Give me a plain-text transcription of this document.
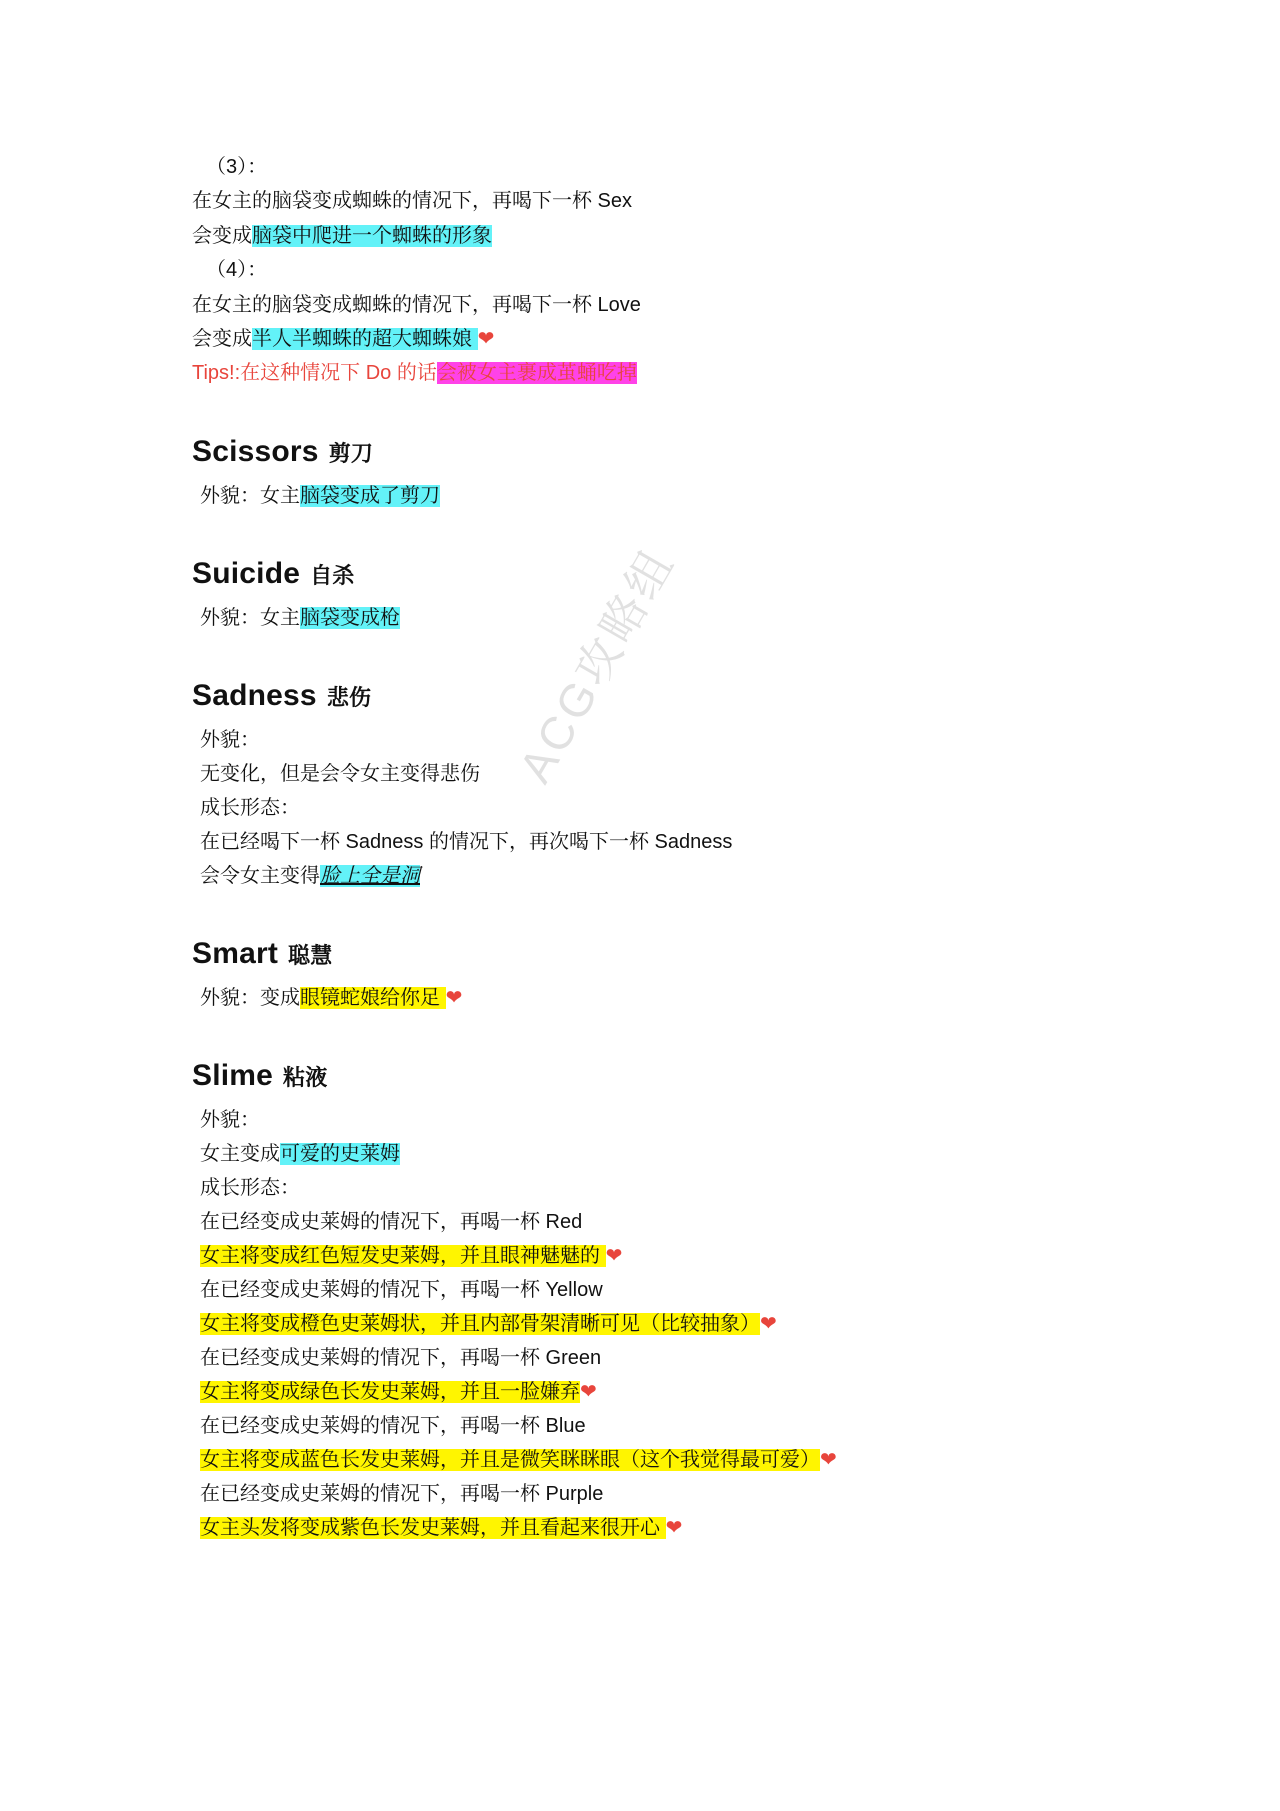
ACG攻略组

（3）：

在女主的脑袋变成蜘蛛的情况下，再喝下一杯 Sex

会变成脑袋中爬进一个蜘蛛的形象

（4）：

在女主的脑袋变成蜘蛛的情况下，再喝下一杯 Love

会变成半人半蜘蛛的超大蜘蛛娘 ❤

Tips!:在这种情况下 Do 的话会被女主裹成茧蛹吃掉

Scissors 剪刀

外貌：女主脑袋变成了剪刀

Suicide 自杀

外貌：女主脑袋变成枪

Sadness 悲伤

外貌：

无变化，但是会令女主变得悲伤

成长形态：

在已经喝下一杯 Sadness 的情况下，再次喝下一杯 Sadness

会令女主变得脸上全是洞

Smart 聪慧

外貌：变成眼镜蛇娘给你足 ❤

Slime 粘液

外貌：

女主变成可爱的史莱姆

成长形态：

在已经变成史莱姆的情况下，再喝一杯 Red

女主将变成红色短发史莱姆，并且眼神魅魅的 ❤

在已经变成史莱姆的情况下，再喝一杯 Yellow

女主将变成橙色史莱姆状，并且内部骨架清晰可见（比较抽象）❤

在已经变成史莱姆的情况下，再喝一杯 Green

女主将变成绿色长发史莱姆，并且一脸嫌弃❤

在已经变成史莱姆的情况下，再喝一杯 Blue

女主将变成蓝色长发史莱姆，并且是微笑眯眯眼（这个我觉得最可爱）❤

在已经变成史莱姆的情况下，再喝一杯 Purple

女主头发将变成紫色长发史莱姆，并且看起来很开心 ❤
